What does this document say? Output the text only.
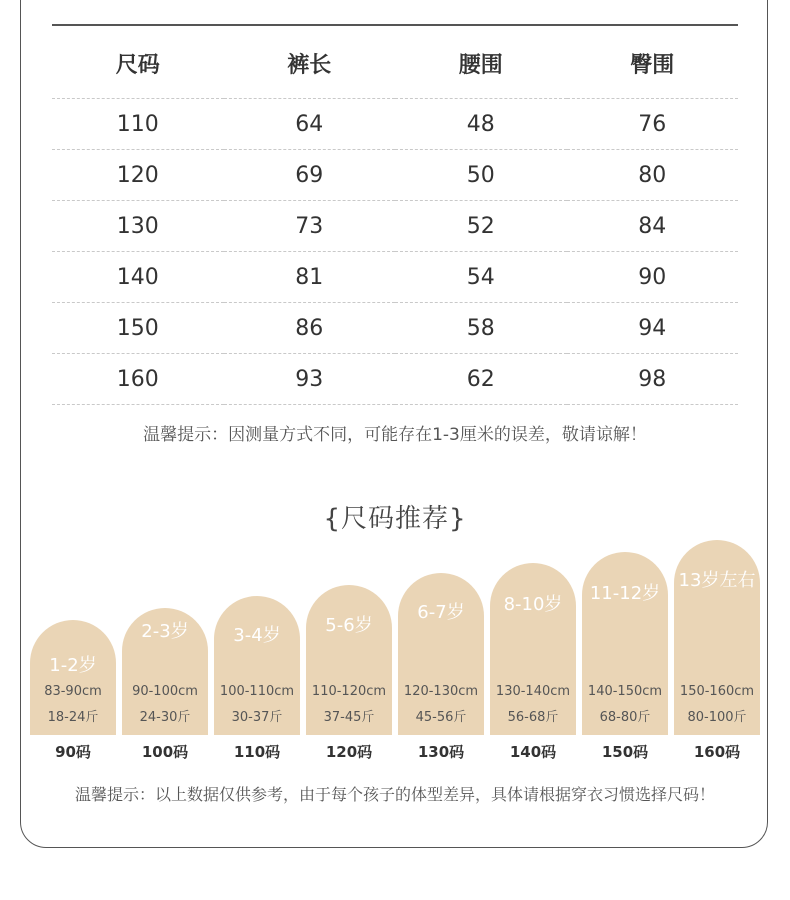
尺码	裤长	腰围	臀围
110	64	48	76
120	69	50	80
130	73	52	84
140	81	54	90
150	86	58	94
160	93	62	98
温馨提示：因测量方式不同，可能存在1-3厘米的误差，敬请谅解！
{尺码推荐}
1-2岁
83-90cm
18-24斤
90码
2-3岁
90-100cm
24-30斤
100码
3-4岁
100-110cm
30-37斤
110码
5-6岁
110-120cm
37-45斤
120码
6-7岁
120-130cm
45-56斤
130码
8-10岁
130-140cm
56-68斤
140码
11-12岁
140-150cm
68-80斤
150码
13岁左右
150-160cm
80-100斤
160码
温馨提示：以上数据仅供参考，由于每个孩子的体型差异，具体请根据穿衣习惯选择尺码！
